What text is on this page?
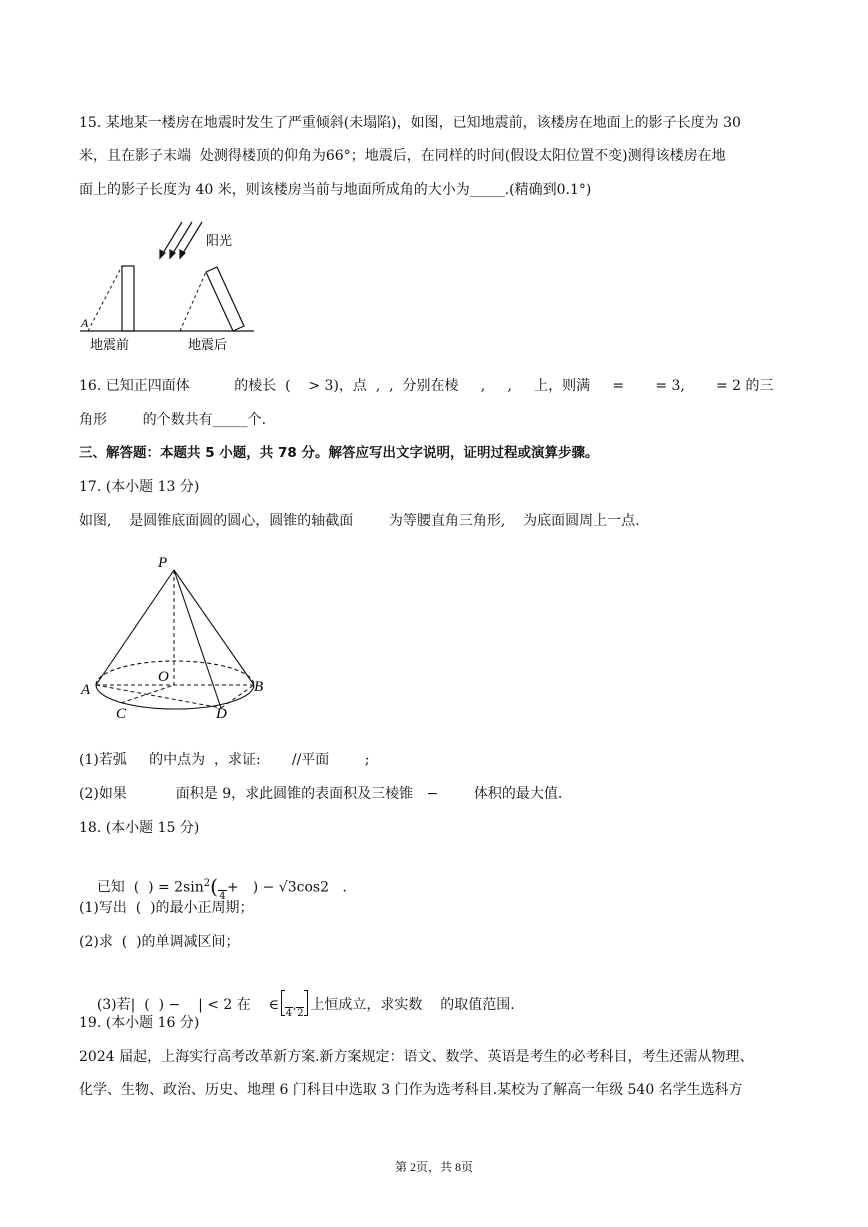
15. 某地某一楼房在地震时发生了严重倾斜(未塌陷)，如图，已知地震前，该楼房在地面上的影子长度为 30
米，且在影子末端  处测得楼顶的仰角为66°；地震后，在同样的时间(假设太阳位置不变)测得该楼房在地
面上的影子长度为 40 米，则该楼房当前与地面所成角的大小为_____.(精确到0.1°)
阳光
A
地震前	地震后
16. 已知正四面体          的棱长  (    > 3)，点  ,  ,  分别在棱     ,     ,     上，则满     =       = 3,       = 2 的三
角形        的个数共有_____个.
三、解答题：本题共 5 小题，共 78 分。解答应写出文字说明，证明过程或演算步骤。
17. (本小题 13 分)
如图,    是圆锥底面圆的圆心，圆锥的轴截面        为等腰直角三角形,    为底面圆周上一点.
P
O
A	B
C	D
(1)若弧     的中点为  ，求证:       //平面        ;
(2)如果           面积是 9，求此圆锥的表面积及三棱锥   −        体积的最大值.
18. (本小题 15 分)

已知  (  ) = $2\sin^2$( 4
+ ) − √3cos2   .

(1)写出  (  )的最小正周期；
(2)求  (  )的单调减区间；

(3)若|  (  ) −    | < 2 在    ∈
4
,
2
上恒成立，求实数    的取值范围.

19. (本小题 16 分)
2024 届起，上海实行高考改革新方案.新方案规定：语文、数学、英语是考生的必考科目，考生还需从物理、
化学、生物、政治、历史、地理 6 门科目中选取 3 门作为选考科目.某校为了解高一年级 540 名学生选科方
第 2页，共 8页
